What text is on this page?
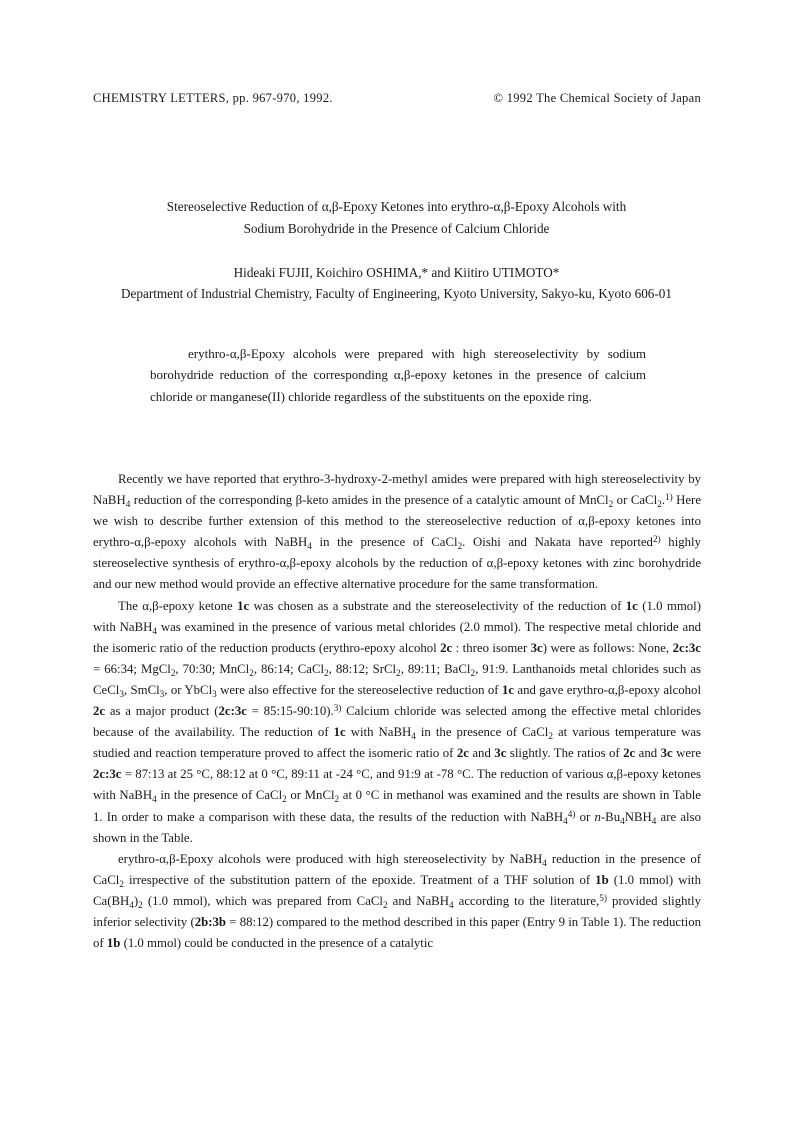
CHEMISTRY LETTERS, pp. 967-970, 1992.	© 1992 The Chemical Society of Japan
Stereoselective Reduction of α,β-Epoxy Ketones into erythro-α,β-Epoxy Alcohols with
Sodium Borohydride in the Presence of Calcium Chloride
Hideaki FUJII, Koichiro OSHIMA,* and Kiitiro UTIMOTO*
Department of Industrial Chemistry, Faculty of Engineering, Kyoto University, Sakyo-ku, Kyoto 606-01

erythro-α,β-Epoxy alcohols were prepared with high stereoselectivity by sodium borohydride reduction of the corresponding α,β-epoxy ketones in the presence of calcium chloride or manganese(II) chloride regardless of the substituents on the epoxide ring.

Recently we have reported that erythro-3-hydroxy-2-methyl amides were prepared with high stereoselectivity by NaBH$_4$ reduction of the corresponding β-keto amides in the presence of a catalytic amount of MnCl$_2$ or CaCl$_2$.$^{1)}$ Here we wish to describe further extension of this method to the stereoselective reduction of α,β-epoxy ketones into erythro-α,β-epoxy alcohols with NaBH$_4$ in the presence of CaCl$_2$. Oishi and Nakata have reported$^{2)}$ highly stereoselective synthesis of erythro-α,β-epoxy alcohols by the reduction of α,β-epoxy ketones with zinc borohydride and our new method would provide an effective alternative procedure for the same transformation.

The α,β-epoxy ketone 1c was chosen as a substrate and the stereoselectivity of the reduction of 1c (1.0 mmol) with NaBH$_4$ was examined in the presence of various metal chlorides (2.0 mmol). The respective metal chloride and the isomeric ratio of the reduction products (erythro-epoxy alcohol 2c : threo isomer 3c) were as follows: None, 2c:3c = 66:34; MgCl$_2$, 70:30; MnCl$_2$, 86:14; CaCl$_2$, 88:12; SrCl$_2$, 89:11; BaCl$_2$, 91:9. Lanthanoids metal chlorides such as CeCl$_3$, SmCl$_3$, or YbCl$_3$ were also effective for the stereoselective reduction of 1c and gave erythro-α,β-epoxy alcohol 2c as a major product (2c:3c = 85:15-90:10).$^{3)}$ Calcium chloride was selected among the effective metal chlorides because of the availability. The reduction of 1c with NaBH$_4$ in the presence of CaCl$_2$ at various temperature was studied and reaction temperature proved to affect the isomeric ratio of 2c and 3c slightly. The ratios of 2c and 3c were 2c:3c = 87:13 at 25 °C, 88:12 at 0 °C, 89:11 at -24 °C, and 91:9 at -78 °C. The reduction of various α,β-epoxy ketones with NaBH$_4$ in the presence of CaCl$_2$ or MnCl$_2$ at 0 °C in methanol was examined and the results are shown in Table 1. In order to make a comparison with these data, the results of the reduction with NaBH$_4^{4)}$ or $n-Bu_4NBH_4$ are also shown in the Table.

erythro-α,β-Epoxy alcohols were produced with high stereoselectivity by NaBH$_4$ reduction in the presence of CaCl$_2$ irrespective of the substitution pattern of the epoxide. Treatment of a THF solution of 1b (1.0 mmol) with $Ca(BH_4)_2$ (1.0 mmol), which was prepared from CaCl$_2$ and NaBH$_4$ according to the literature,$^{5)}$ provided slightly inferior selectivity (2b:3b = 88:12) compared to the method described in this paper (Entry 9 in Table 1). The reduction of 1b (1.0 mmol) could be conducted in the presence of a catalytic
